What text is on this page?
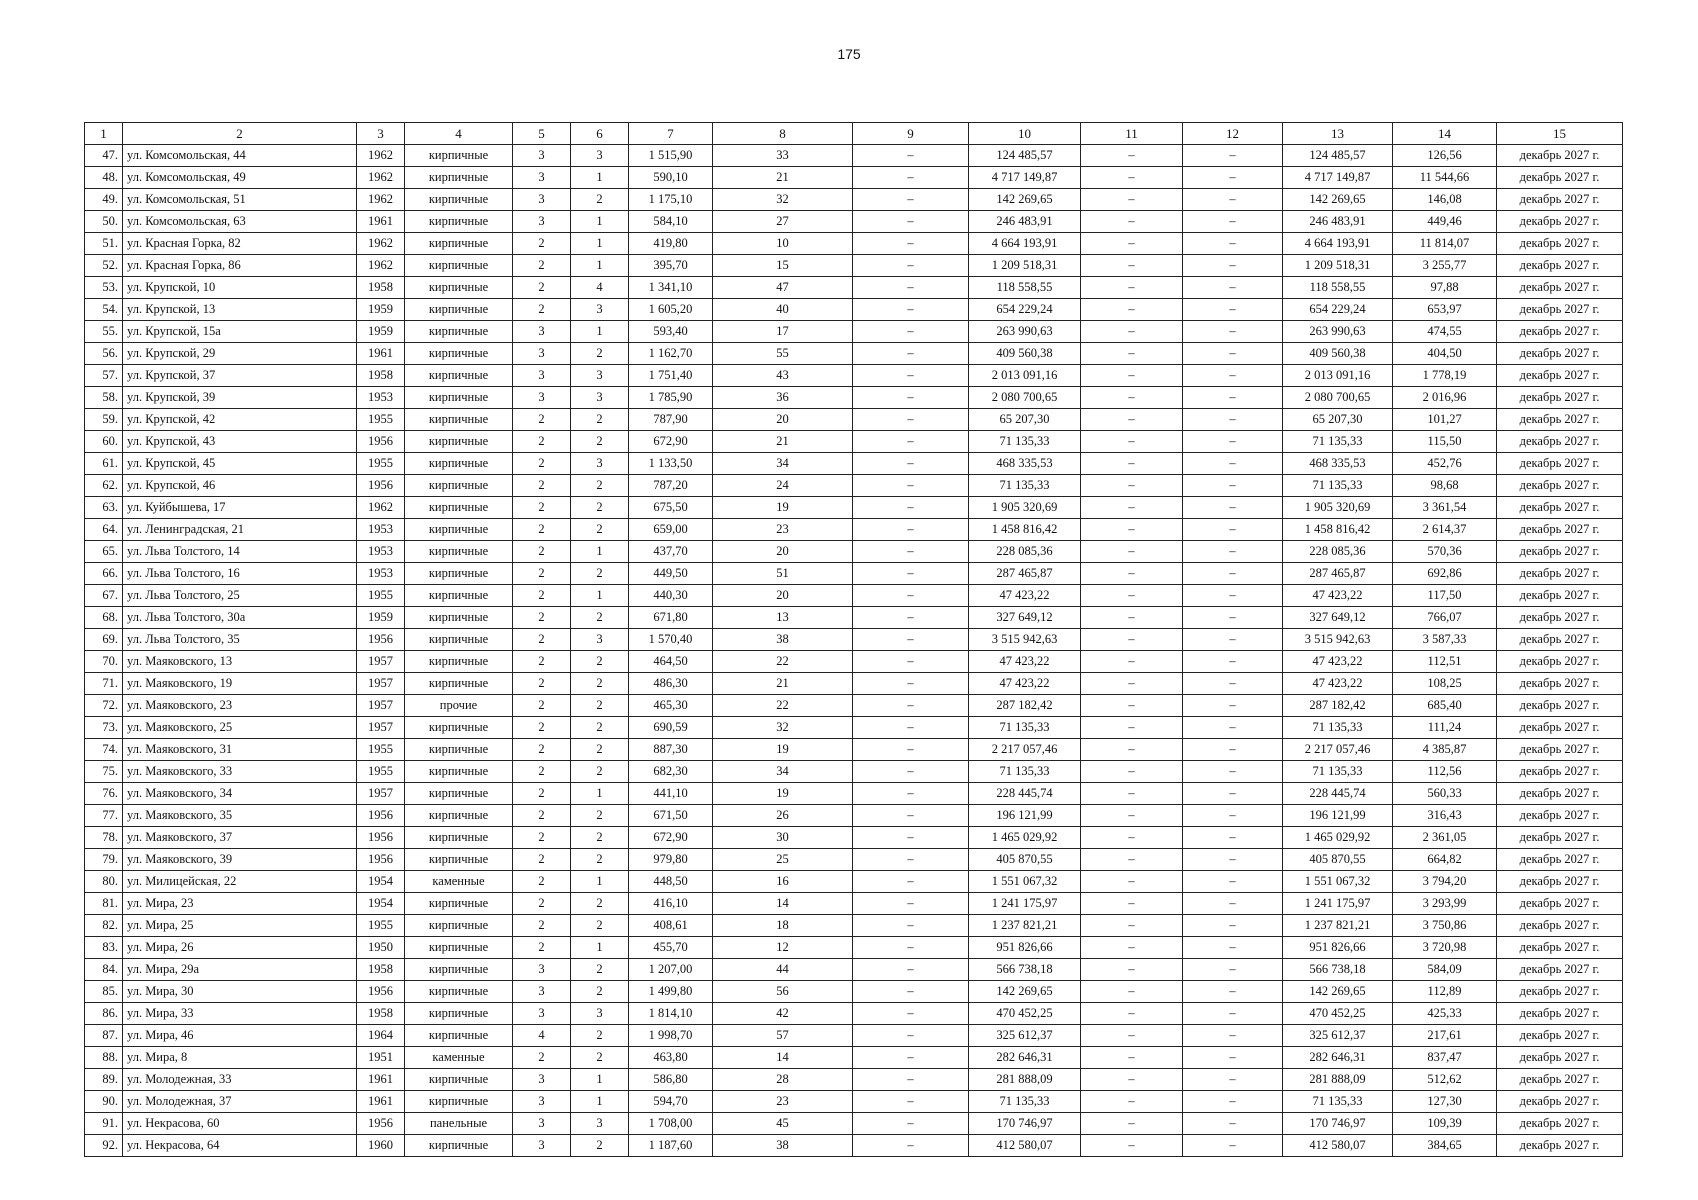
175
1	2	3	4	5	6	7	8	9	10	11	12	13	14	15
47.	ул. Комсомольская, 44	1962	кирпичные	3	3	1 515,90	33	–	124 485,57	–	–	124 485,57	126,56	декабрь 2027 г.
48.	ул. Комсомольская, 49	1962	кирпичные	3	1	590,10	21	–	4 717 149,87	–	–	4 717 149,87	11 544,66	декабрь 2027 г.
49.	ул. Комсомольская, 51	1962	кирпичные	3	2	1 175,10	32	–	142 269,65	–	–	142 269,65	146,08	декабрь 2027 г.
50.	ул. Комсомольская, 63	1961	кирпичные	3	1	584,10	27	–	246 483,91	–	–	246 483,91	449,46	декабрь 2027 г.
51.	ул. Красная Горка, 82	1962	кирпичные	2	1	419,80	10	–	4 664 193,91	–	–	4 664 193,91	11 814,07	декабрь 2027 г.
52.	ул. Красная Горка, 86	1962	кирпичные	2	1	395,70	15	–	1 209 518,31	–	–	1 209 518,31	3 255,77	декабрь 2027 г.
53.	ул. Крупской, 10	1958	кирпичные	2	4	1 341,10	47	–	118 558,55	–	–	118 558,55	97,88	декабрь 2027 г.
54.	ул. Крупской, 13	1959	кирпичные	2	3	1 605,20	40	–	654 229,24	–	–	654 229,24	653,97	декабрь 2027 г.
55.	ул. Крупской, 15а	1959	кирпичные	3	1	593,40	17	–	263 990,63	–	–	263 990,63	474,55	декабрь 2027 г.
56.	ул. Крупской, 29	1961	кирпичные	3	2	1 162,70	55	–	409 560,38	–	–	409 560,38	404,50	декабрь 2027 г.
57.	ул. Крупской, 37	1958	кирпичные	3	3	1 751,40	43	–	2 013 091,16	–	–	2 013 091,16	1 778,19	декабрь 2027 г.
58.	ул. Крупской, 39	1953	кирпичные	3	3	1 785,90	36	–	2 080 700,65	–	–	2 080 700,65	2 016,96	декабрь 2027 г.
59.	ул. Крупской, 42	1955	кирпичные	2	2	787,90	20	–	65 207,30	–	–	65 207,30	101,27	декабрь 2027 г.
60.	ул. Крупской, 43	1956	кирпичные	2	2	672,90	21	–	71 135,33	–	–	71 135,33	115,50	декабрь 2027 г.
61.	ул. Крупской, 45	1955	кирпичные	2	3	1 133,50	34	–	468 335,53	–	–	468 335,53	452,76	декабрь 2027 г.
62.	ул. Крупской, 46	1956	кирпичные	2	2	787,20	24	–	71 135,33	–	–	71 135,33	98,68	декабрь 2027 г.
63.	ул. Куйбышева, 17	1962	кирпичные	2	2	675,50	19	–	1 905 320,69	–	–	1 905 320,69	3 361,54	декабрь 2027 г.
64.	ул. Ленинградская, 21	1953	кирпичные	2	2	659,00	23	–	1 458 816,42	–	–	1 458 816,42	2 614,37	декабрь 2027 г.
65.	ул. Льва Толстого, 14	1953	кирпичные	2	1	437,70	20	–	228 085,36	–	–	228 085,36	570,36	декабрь 2027 г.
66.	ул. Льва Толстого, 16	1953	кирпичные	2	2	449,50	51	–	287 465,87	–	–	287 465,87	692,86	декабрь 2027 г.
67.	ул. Льва Толстого, 25	1955	кирпичные	2	1	440,30	20	–	47 423,22	–	–	47 423,22	117,50	декабрь 2027 г.
68.	ул. Льва Толстого, 30а	1959	кирпичные	2	2	671,80	13	–	327 649,12	–	–	327 649,12	766,07	декабрь 2027 г.
69.	ул. Льва Толстого, 35	1956	кирпичные	2	3	1 570,40	38	–	3 515 942,63	–	–	3 515 942,63	3 587,33	декабрь 2027 г.
70.	ул. Маяковского, 13	1957	кирпичные	2	2	464,50	22	–	47 423,22	–	–	47 423,22	112,51	декабрь 2027 г.
71.	ул. Маяковского, 19	1957	кирпичные	2	2	486,30	21	–	47 423,22	–	–	47 423,22	108,25	декабрь 2027 г.
72.	ул. Маяковского, 23	1957	прочие	2	2	465,30	22	–	287 182,42	–	–	287 182,42	685,40	декабрь 2027 г.
73.	ул. Маяковского, 25	1957	кирпичные	2	2	690,59	32	–	71 135,33	–	–	71 135,33	111,24	декабрь 2027 г.
74.	ул. Маяковского, 31	1955	кирпичные	2	2	887,30	19	–	2 217 057,46	–	–	2 217 057,46	4 385,87	декабрь 2027 г.
75.	ул. Маяковского, 33	1955	кирпичные	2	2	682,30	34	–	71 135,33	–	–	71 135,33	112,56	декабрь 2027 г.
76.	ул. Маяковского, 34	1957	кирпичные	2	1	441,10	19	–	228 445,74	–	–	228 445,74	560,33	декабрь 2027 г.
77.	ул. Маяковского, 35	1956	кирпичные	2	2	671,50	26	–	196 121,99	–	–	196 121,99	316,43	декабрь 2027 г.
78.	ул. Маяковского, 37	1956	кирпичные	2	2	672,90	30	–	1 465 029,92	–	–	1 465 029,92	2 361,05	декабрь 2027 г.
79.	ул. Маяковского, 39	1956	кирпичные	2	2	979,80	25	–	405 870,55	–	–	405 870,55	664,82	декабрь 2027 г.
80.	ул. Милицейская, 22	1954	каменные	2	1	448,50	16	–	1 551 067,32	–	–	1 551 067,32	3 794,20	декабрь 2027 г.
81.	ул. Мира, 23	1954	кирпичные	2	2	416,10	14	–	1 241 175,97	–	–	1 241 175,97	3 293,99	декабрь 2027 г.
82.	ул. Мира, 25	1955	кирпичные	2	2	408,61	18	–	1 237 821,21	–	–	1 237 821,21	3 750,86	декабрь 2027 г.
83.	ул. Мира, 26	1950	кирпичные	2	1	455,70	12	–	951 826,66	–	–	951 826,66	3 720,98	декабрь 2027 г.
84.	ул. Мира, 29а	1958	кирпичные	3	2	1 207,00	44	–	566 738,18	–	–	566 738,18	584,09	декабрь 2027 г.
85.	ул. Мира, 30	1956	кирпичные	3	2	1 499,80	56	–	142 269,65	–	–	142 269,65	112,89	декабрь 2027 г.
86.	ул. Мира, 33	1958	кирпичные	3	3	1 814,10	42	–	470 452,25	–	–	470 452,25	425,33	декабрь 2027 г.
87.	ул. Мира, 46	1964	кирпичные	4	2	1 998,70	57	–	325 612,37	–	–	325 612,37	217,61	декабрь 2027 г.
88.	ул. Мира, 8	1951	каменные	2	2	463,80	14	–	282 646,31	–	–	282 646,31	837,47	декабрь 2027 г.
89.	ул. Молодежная, 33	1961	кирпичные	3	1	586,80	28	–	281 888,09	–	–	281 888,09	512,62	декабрь 2027 г.
90.	ул. Молодежная, 37	1961	кирпичные	3	1	594,70	23	–	71 135,33	–	–	71 135,33	127,30	декабрь 2027 г.
91.	ул. Некрасова, 60	1956	панельные	3	3	1 708,00	45	–	170 746,97	–	–	170 746,97	109,39	декабрь 2027 г.
92.	ул. Некрасова, 64	1960	кирпичные	3	2	1 187,60	38	–	412 580,07	–	–	412 580,07	384,65	декабрь 2027 г.
